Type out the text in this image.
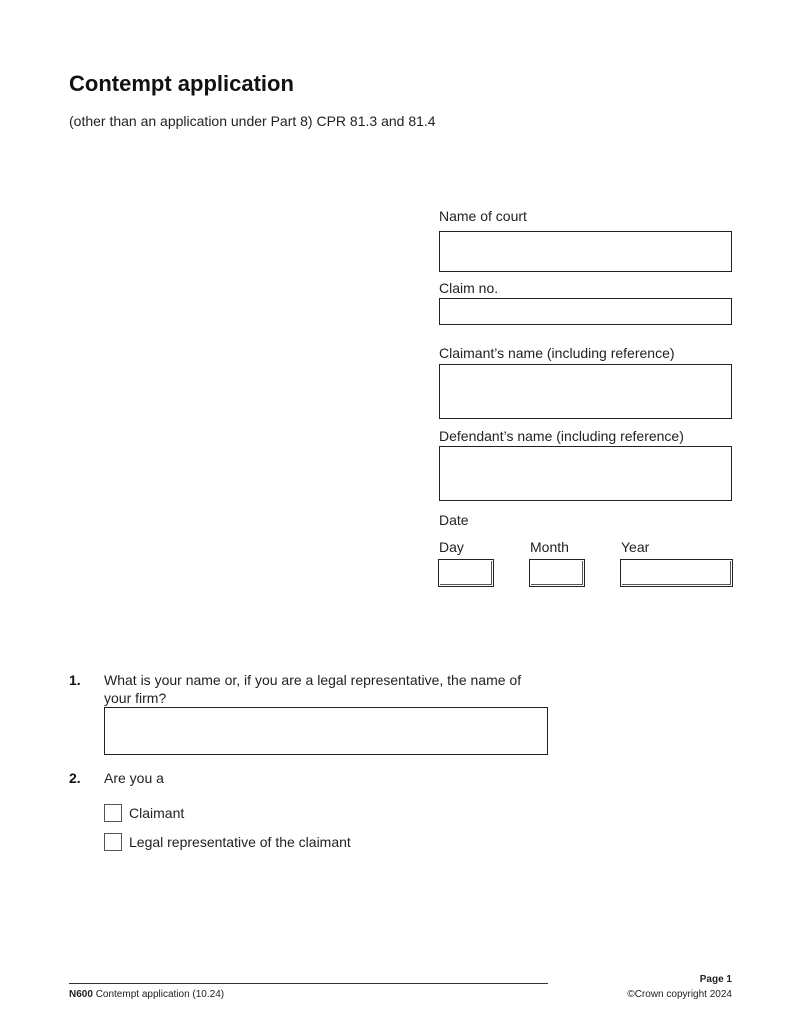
Contempt application
(other than an application under Part 8) CPR 81.3 and 81.4
Name of court
Claim no.
Claimant’s name (including reference)
Defendant’s name (including reference)
Date
Day	Month	Year
1. What is your name or, if you are a legal representative, the name of
your firm?
2. Are you a
Claimant
Legal representative of the claimant
N600 Contempt application (10.24)
Page 1
©Crown copyright 2024
